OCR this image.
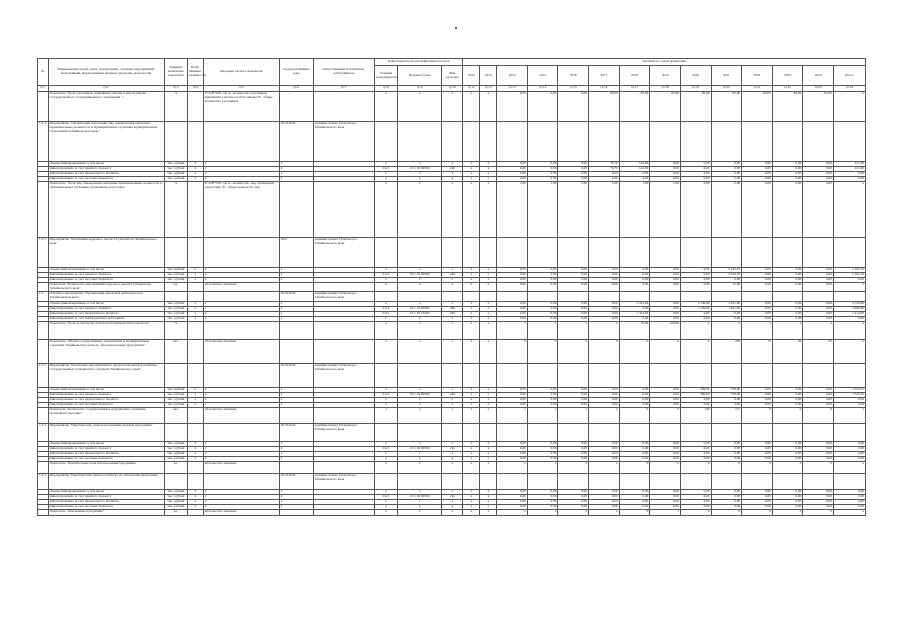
№	Наименование целей, задач, подпрограмм, основных мероприятий, мероприятий, ведомственных целевых программ, показателей	Единица измерения показателя	Коэф. фициент значимости	Методика расчета показателя	Сроки реализации, годы	Ответственный исполнитель, соисполнитель	Коды бюджетной классификации расходов			Значение по годам реализации													
							Главный распорядитель	Целевая статья	Вид расходов	2012	2013	2014	2015	2016	2017	2018	2019	2020	2021	2022	2023	2024	Итого
гр.1	гр.2	гр.3	гр.4	гр.5	гр.6	гр.7	гр.8	гр.9	гр.10	гр.11	гр.12	гр.13	гр.14	гр.15	гр.16	гр.17	гр.18	гр.19	гр.20	гр.21	гр.22	гр.23	гр.24
	Показатель "Доля участников, принявших участие в работе школы государственного и муниципального управления..."	%		F=A/B*100, где A - количество участников, принявших участие в работе школы; B - общее количество участников			x	x	x	x	x	0,00	0,00	0,00	85,00	85,00	85,00	85,00	85,00	85,00	85,00	85,00	x
1.2.4	Мероприятие "Организация подготовки лиц, замещающих выборные муниципальные должности, и муниципальных служащих муниципальных образований Забайкальского края"				2016-2024	Администрация Губернатора Забайкальского края																	
	объемы финансирования, в том числе	тыс. рублей	x	x	x		x	x	x	x	x	0,00	0,00	0,00	79,70	142,00	0,00	0,00	0,00	0,00	0,00	0,00	221,00
	финансирование за счет краевого бюджета	тыс. рублей	x	x	x		0113	19 1 03 99500	240	x	x	0,00	0,00	0,00	79,70	142,00	0,00	0,00	0,00	0,00	0,00	0,00	221,00
	финансирование за счет федерального бюджета	тыс. рублей	x	x	x		x	x	x	x	x	0,00	0,00	0,00	0,00	0,00	0,00	0,00	0,00	0,00	0,00	0,00	0,00
	финансирование за счет местных бюджетов	тыс. рублей	x	x	x		x	x	x	x	x	0,00	0,00	0,00	0,00	0,00	0,00	0,00	0,00	0,00	0,00	0,00	0,00
	Показатель "Доля лиц, замещающих выборные муниципальные должности, и муниципальных служащих, прошедших подготовку"	%		F=A/B*100, где A - количество лиц, прошедших подготовку; B - общее количество лиц			x	x	x	x	x	2,60	1,00	2,60	1,00	1,00	1,00	0,00	0,00	0,00	0,00	0,00	x
1.2.5	Мероприятие "Реализация кадрового проекта Губернатора Забайкальского края"				2021	Администрация Губернатора Забайкальского края																	
	объемы финансирования, в том числе	тыс. рублей	x	x	x		x	x	x	x	x	0,00	0,00	0,00	0,00	0,00	0,00	0,00	2 162,10	0,00	0,00	0,00	2 162,10
	финансирование за счет краевого бюджета	тыс. рублей	x	x	x		0113	19 1 02 99500	240	x	x	0,00	0,00	0,00	0,00	0,00	0,00	0,00	2 162,10	0,00	0,00	0,00	2 162,10
	финансирование за счет местных бюджетов	тыс. рублей	x	x	x		x	x	x	x	x	0,00	0,00	0,00	0,00	0,00	0,00	0,00	0,00	0,00	0,00	0,00	0,00
	Показатель "Количество мероприятий кадрового проекта Губернатора Забайкальского края"	ед.		Абсолютное значение			x	x	x	x	x	0,00	0,00	0,00	0,00	0,00	0,00	0,00	15,00	0,00	0,00	0,00	x
1.3	Основное мероприятие "Организация проектной деятельности в Забайкальском крае"				2018-2024	Администрация Губернатора Забайкальского края																	
	объемы финансирования, в том числе	тыс. рублей	x	x	x		x	x	x	x	x	0,00	0,00	0,00	0,00	1 414,00	0,00	1 149,80	1 621,00	0,00	0,00	0,00	4 720,00
	финансирование за счет краевого бюджета	тыс. рублей	x	x	x		0113	19 1 04 00000	240	x	x	0,00	0,00	0,00	0,00	0,00	0,00	1 149,80	1 621,00	0,00	0,00	0,00	2 960,80
	финансирование за счет федерального бюджета	тыс. рублей	x	x	x		0113	19 1 04 55460	240	x	x	0,00	0,00	0,00	0,00	1 414,00	0,00	0,00	0,00	0,00	0,00	0,00	1 414,00
	финансирование за счет внебюджетных источников	тыс. рублей	x	x	x		x	x	x	x	x	0,00	0,00	0,00	0,00	0,00	0,00	0,00	0,00	0,00	0,00	0,00	0,00
	Показатель "Доля достигнутых результатов приоритетных проектов"	%					x	x	x	x	x	x	x	x	x	70,00	100,00	x	x	x	x	x	x
	Показатель "Объем государственных гражданских и муниципальных служащих Забайкальского края по образовательным программам"	чел.		Абсолютное значение			x	x	x	x	x	0	0	0	0	0	0	4	200	70	50	50	x
1.3.1	Мероприятие "Реализация мероприятий по профессиональному развитию государственных гражданских служащих Забайкальского края"				2018-2024	Администрация Губернатора Забайкальского края																	
	объемы финансирования, в том числе	тыс. рублей	x	x	x		x	x	x	x	x	0,00	0,00	0,00	0,00	0,00	0,00	300,00	579,00	0,00	0,00	0,00	1 523,25
	финансирование за счет краевого бюджета	тыс. рублей	x	x	x		0113	19 1 04 99500	240	x	x	0,00	0,00	0,00	0,00	0,00	0,00	300,00	579,00	0,00	0,00	0,00	1 523,25
	финансирование за счет федерального бюджета	тыс. рублей	x	x	x		x	x	x	x	x	0,00	0,00	0,00	0,00	0,00	0,00	0,00	0,00	0,00	0,00	0,00	0,00
	финансирование за счет местных бюджетов	тыс. рублей	x	x	x		x	x	x	x	x	0,00	0,00	0,00	0,00	0,00	0,00	0,00	0,00	0,00	0,00	0,00	0,00
	Показатель "Количество государственных гражданских служащих, прошедших обучение"	чел.		Абсолютное значение			x	x	x	x	x	x	x	x	x	0	0	130	117	0	0	0	x
1.3.2	Мероприятие "Приобретение прав использования деловой программы"				2018-2024	Администрация Губернатора Забайкальского края																	
	объемы финансирования, в том числе	тыс. рублей	x	x	x		x	x	x	x	x	0,00	0,00	0,00	0,00	0,00	0,00	0,00	0,00	0,00	0,00	0,00	0,00
	финансирование за счет краевого бюджета	тыс. рублей	x	x	x		0113	19 1 04 99500	244	x	x	0,00	0,00	0,00	0,00	0,00	0,00	0,00	0,00	0,00	0,00	0,00	0,00
	финансирование за счет федерального бюджета	тыс. рублей	x	x	x		x	x	x	x	x	0,00	0,00	0,00	0,00	0,00	0,00	0,00	0,00	0,00	0,00	0,00	0,00
	финансирование за счет местных бюджетов	тыс. рублей	x	x	x		x	x	x	x	x	0,00	0,00	0,00	0,00	0,00	0,00	0,00	0,00	0,00	0,00	0,00	0,00
	Показатель "Приобретение прав использования программы"	ед.		Абсолютное значение			x	x	x	x	x	x	x	x	x	0	0	0	0	0	0	0	x
1.3.3	Мероприятие "Приобретение прав на подписку на обновления программы"				2019-2024	Администрация Губернатора Забайкальского края																	
	объемы финансирования, в том числе	тыс. рублей	x	x	x		x	x	x	x	x	0,00	0,00	0,00	0,00	0,00	0,00	0,00	0,00	0,00	0,00	0,00	0,00
	финансирование за счет краевого бюджета	тыс. рублей	x	x	x		0113	19 1 04 99500	244	x	x	0,00	0,00	0,00	0,00	0,00	0,00	0,00	0,00	0,00	0,00	0,00	0,00
	финансирование за счет федерального бюджета	тыс. рублей	x	x	x		x	x	x	x	x	0,00	0,00	0,00	0,00	0,00	0,00	0,00	0,00	0,00	0,00	0,00	0,00
	финансирование за счет местных бюджетов	тыс. рублей	x	x	x		x	x	x	x	x	0,00	0,00	0,00	0,00	0,00	0,00	0,00	0,00	0,00	0,00	0,00	0,00
	Показатель "Обновление программы"	ед.		Абсолютное значение			x	x	x	x	x	x	x	x	x	0	1	0	0	0	0	0	x
